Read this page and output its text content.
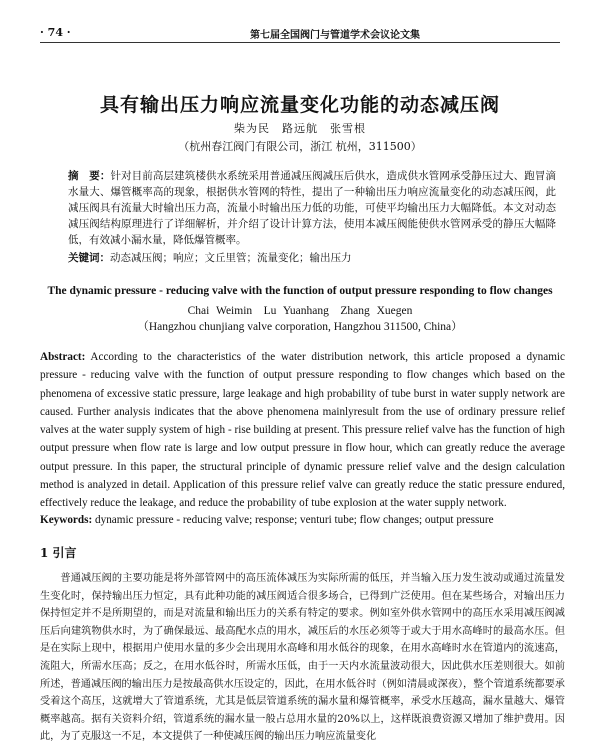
· 74 ·	第七届全国阀门与管道学术会议论文集
具有输出压力响应流量变化功能的动态减压阀
柴为民　路远航　张雪根
（杭州春江阀门有限公司，浙江 杭州，311500）
摘　要：针对目前高层建筑楼供水系统采用普通减压阀减压后供水，造成供水管网承受静压过大、跑冒滴水量大、爆管概率高的现象，根据供水管网的特性，提出了一种输出压力响应流量变化的动态减压阀，此减压阀具有流量大时输出压力高，流量小时输出压力低的功能，可使平均输出压力大幅降低。本文对动态减压阀结构原理进行了详细解析，并介绍了设计计算方法，使用本减压阀能使供水管网承受的静压大幅降低，有效减小漏水量，降低爆管概率。
关键词：动态减压阀；响应；文丘里管；流量变化；输出压力
The dynamic pressure - reducing valve with the function of output pressure responding to flow changes
Chai Weimin　Lu Yuanhang　Zhang Xuegen
（Hangzhou chunjiang valve corporation, Hangzhou 311500, China）
Abstract: According to the characteristics of the water distribution network, this article proposed a dynamic pressure - reducing valve with the function of output pressure responding to flow changes which based on the phenomena of excessive static pressure, large leakage and high probability of tube burst in water supply network are caused. Further analysis indicates that the above phenomena mainlyresult from the use of ordinary pressure relief valves at the water supply system of high - rise building at present. This pressure relief valve has the function of high output pressure when flow rate is large and low output pressure in flow hour, which can greatly reduce the average output pressure. In this paper, the structural principle of dynamic pressure relief valve and the design calculation method is analyzed in detail. Application of this pressure relief valve can greatly reduce the static pressure endured, effectively reduce the leakage, and reduce the probability of tube explosion at the water supply network.
Keywords: dynamic pressure - reducing valve; response; venturi tube; flow changes; output pressure
1 引言
普通减压阀的主要功能是将外部管网中的高压流体减压为实际所需的低压，并当输入压力发生波动或通过流量发生变化时，保持输出压力恒定，具有此种功能的减压阀适合很多场合，已得到广泛使用。但在某些场合，对输出压力保持恒定并不是所期望的，而是对流量和输出压力的关系有特定的要求。例如室外供水管网中的高压水采用减压阀减压后向建筑物供水时，为了确保最远、最高配水点的用水，减压后的水压必须等于或大于用水高峰时的最高水压。但是在实际上现中，根据用户使用水量的多少会出现用水高峰和用水低谷的现象，在用水高峰时水在管道内的流速高，流阻大，所需水压高；反之，在用水低谷时，所需水压低，由于一天内水流量波动很大，因此供水压差则很大。如前所述，普通减压阀的输出压力是按最高供水压设定的，因此，在用水低谷时（例如清晨或深夜），整个管道系统都要承受着这个高压，这就增大了管道系统，尤其是低层管道系统的漏水量和爆管概率，承受水压越高，漏水量越大、爆管概率越高。据有关资料介绍，管道系统的漏水量一般占总用水量的20%以上，这样既浪费资源又增加了维护费用。因此，为了克服这一不足，本文提供了一种使减压阀的输出压力响应流量变化
